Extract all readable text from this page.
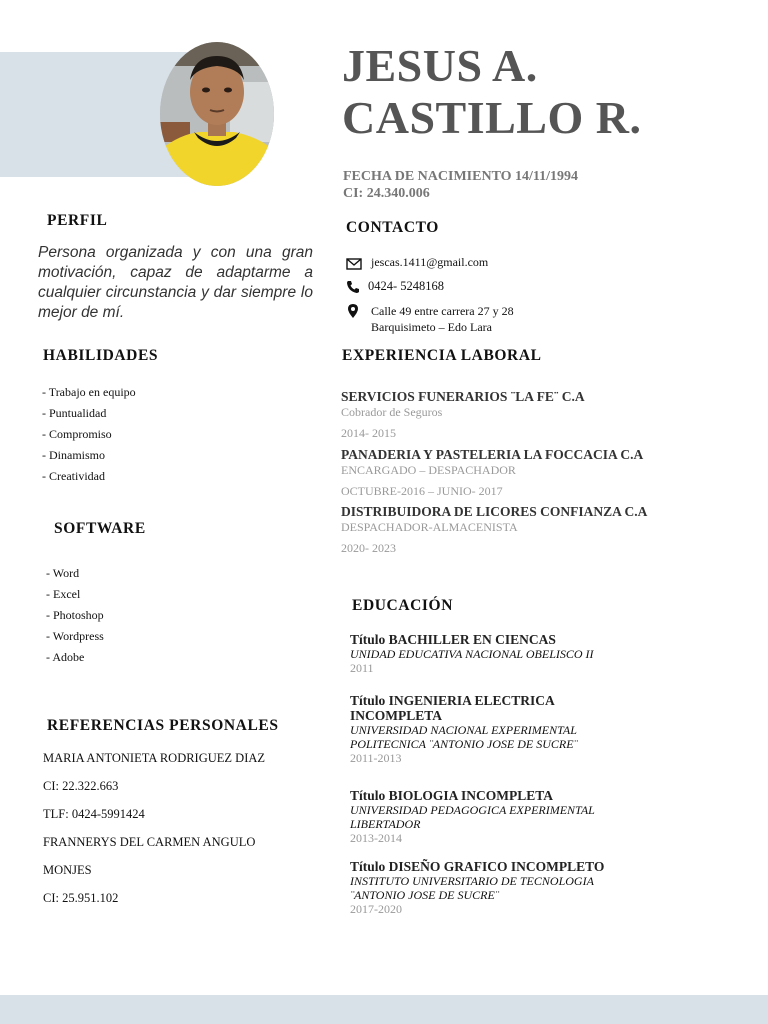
JESUS A.
CASTILLO R.
FECHA DE NACIMIENTO 14/11/1994
CI: 24.340.006
PERFIL
Persona organizada y con una gran motivación, capaz de adaptarme a cualquier circunstancia y dar siempre lo mejor de mí.
HABILIDADES
- Trabajo en equipo
- Puntualidad
- Compromiso
- Dinamismo
- Creatividad
SOFTWARE
- Word
- Excel
- Photoshop
- Wordpress
- Adobe
REFERENCIAS PERSONALES
MARIA ANTONIETA RODRIGUEZ DIAZ
CI: 22.322.663
TLF: 0424-5991424
FRANNERYS DEL CARMEN ANGULO
MONJES
CI: 25.951.102
CONTACTO
jescas.1411@gmail.com
0424- 5248168
Calle 49 entre carrera 27 y 28
Barquisimeto – Edo Lara
EXPERIENCIA LABORAL
SERVICIOS FUNERARIOS ¨LA FE¨ C.A
Cobrador de Seguros
2014- 2015
PANADERIA Y PASTELERIA LA FOCCACIA C.A
ENCARGADO – DESPACHADOR
OCTUBRE-2016 – JUNIO- 2017
DISTRIBUIDORA DE LICORES CONFIANZA C.A
DESPACHADOR-ALMACENISTA
2020- 2023
EDUCACIÓN
Título BACHILLER EN CIENCAS
UNIDAD EDUCATIVA NACIONAL OBELISCO II
2011
Título INGENIERIA ELECTRICA INCOMPLETA
UNIVERSIDAD NACIONAL EXPERIMENTAL POLITECNICA ¨ANTONIO JOSE DE SUCRE¨
2011-2013
Título BIOLOGIA INCOMPLETA
UNIVERSIDAD PEDAGOGICA EXPERIMENTAL LIBERTADOR
2013-2014
Título DISEÑO GRAFICO INCOMPLETO
INSTITUTO UNIVERSITARIO DE TECNOLOGIA ¨ANTONIO JOSE DE SUCRE¨
2017-2020
